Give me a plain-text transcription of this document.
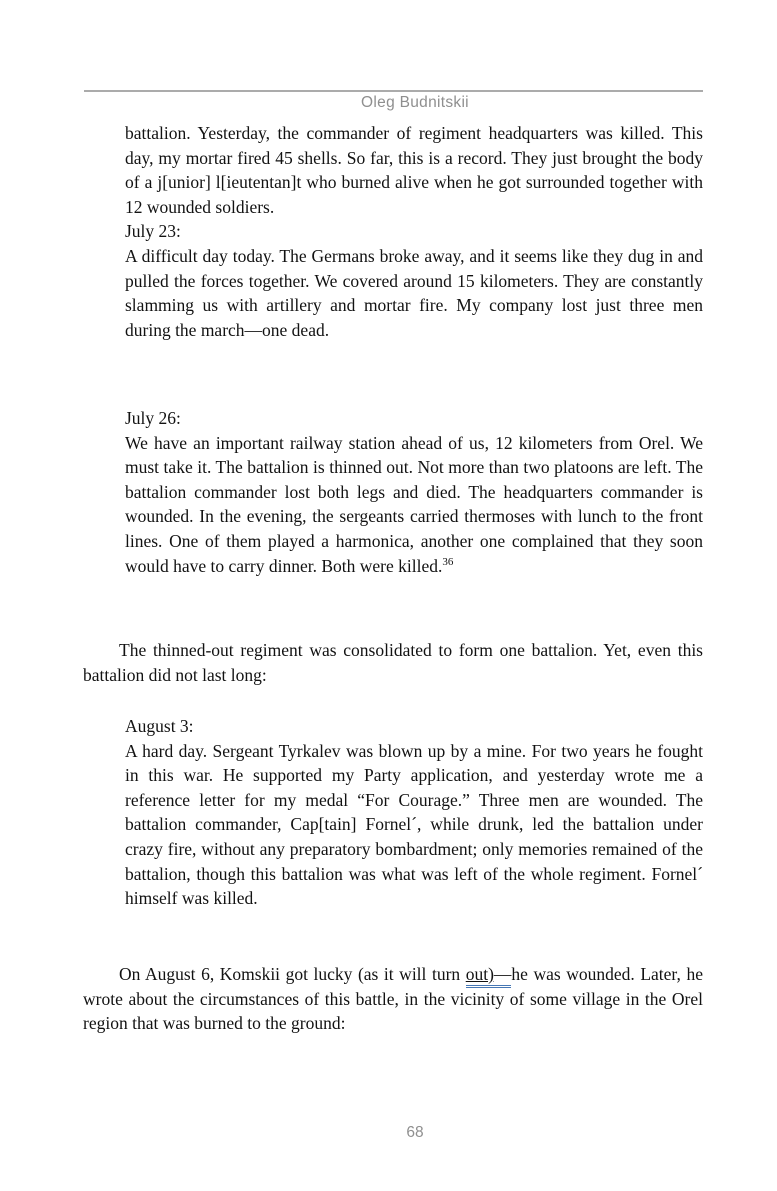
Oleg Budnitskii

battalion. Yesterday, the commander of regiment headquarters was killed. This day, my mortar fired 45 shells. So far, this is a record. They just brought the body of a j[unior] l[ieutentan]t who burned alive when he got surrounded together with 12 wounded soldiers.

July 23:

A difficult day today. The Germans broke away, and it seems like they dug in and pulled the forces together. We covered around 15 kilometers. They are constantly slamming us with artillery and mortar fire. My company lost just three men during the march—one dead.

July 26:

We have an important railway station ahead of us, 12 kilometers from Orel. We must take it. The battalion is thinned out. Not more than two platoons are left. The battalion commander lost both legs and died. The headquarters commander is wounded. In the evening, the sergeants carried thermoses with lunch to the front lines. One of them played a harmonica, another one complained that they soon would have to carry dinner. Both were killed.$^{36}$

The thinned-out regiment was consolidated to form one battalion. Yet, even this battalion did not last long:

August 3:

A hard day. Sergeant Tyrkalev was blown up by a mine. For two years he fought in this war. He supported my Party application, and yesterday wrote me a reference letter for my medal “For Courage.” Three men are wounded. The battalion commander, Cap[tain] Fornel´, while drunk, led the battalion under crazy fire, without any preparatory bombardment; only memories remained of the battalion, though this battalion was what was left of the whole regiment. Fornel´ himself was killed.

On August 6, Komskii got lucky (as it will turn out)—he was wounded. Later, he wrote about the circumstances of this battle, in the vicinity of some village in the Orel region that was burned to the ground:

68
